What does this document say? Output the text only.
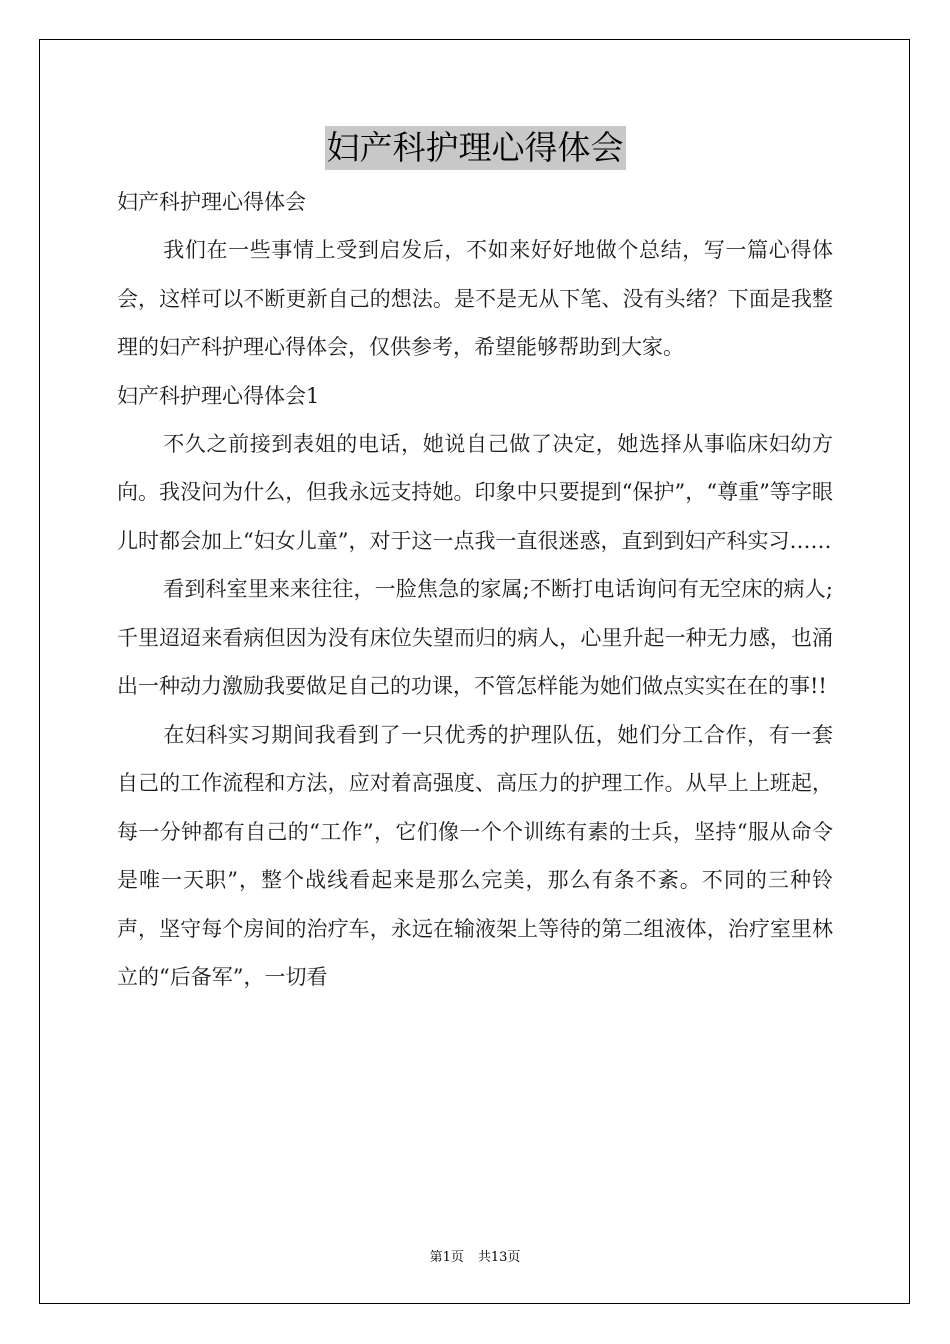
妇产科护理心得体会

妇产科护理心得体会

我们在一些事情上受到启发后，不如来好好地做个总结，写一篇心得体会，这样可以不断更新自己的想法。是不是无从下笔、没有头绪？下面是我整理的妇产科护理心得体会，仅供参考，希望能够帮助到大家。

妇产科护理心得体会1

不久之前接到表姐的电话，她说自己做了决定，她选择从事临床妇幼方向。我没问为什么，但我永远支持她。印象中只要提到“保护”，“尊重”等字眼儿时都会加上“妇女儿童”，对于这一点我一直很迷惑，直到到妇产科实习……

看到科室里来来往往，一脸焦急的家属;不断打电话询问有无空床的病人;千里迢迢来看病但因为没有床位失望而归的病人，心里升起一种无力感，也涌出一种动力激励我要做足自己的功课，不管怎样能为她们做点实实在在的事!!

在妇科实习期间我看到了一只优秀的护理队伍，她们分工合作，有一套自己的工作流程和方法，应对着高强度、高压力的护理工作。从早上上班起，每一分钟都有自己的“工作”，它们像一个个训练有素的士兵，坚持“服从命令是唯一天职”，整个战线看起来是那么完美，那么有条不紊。不同的三种铃声，坚守每个房间的治疗车，永远在输液架上等待的第二组液体，治疗室里林立的“后备军”，一切看

第1页 共13页
